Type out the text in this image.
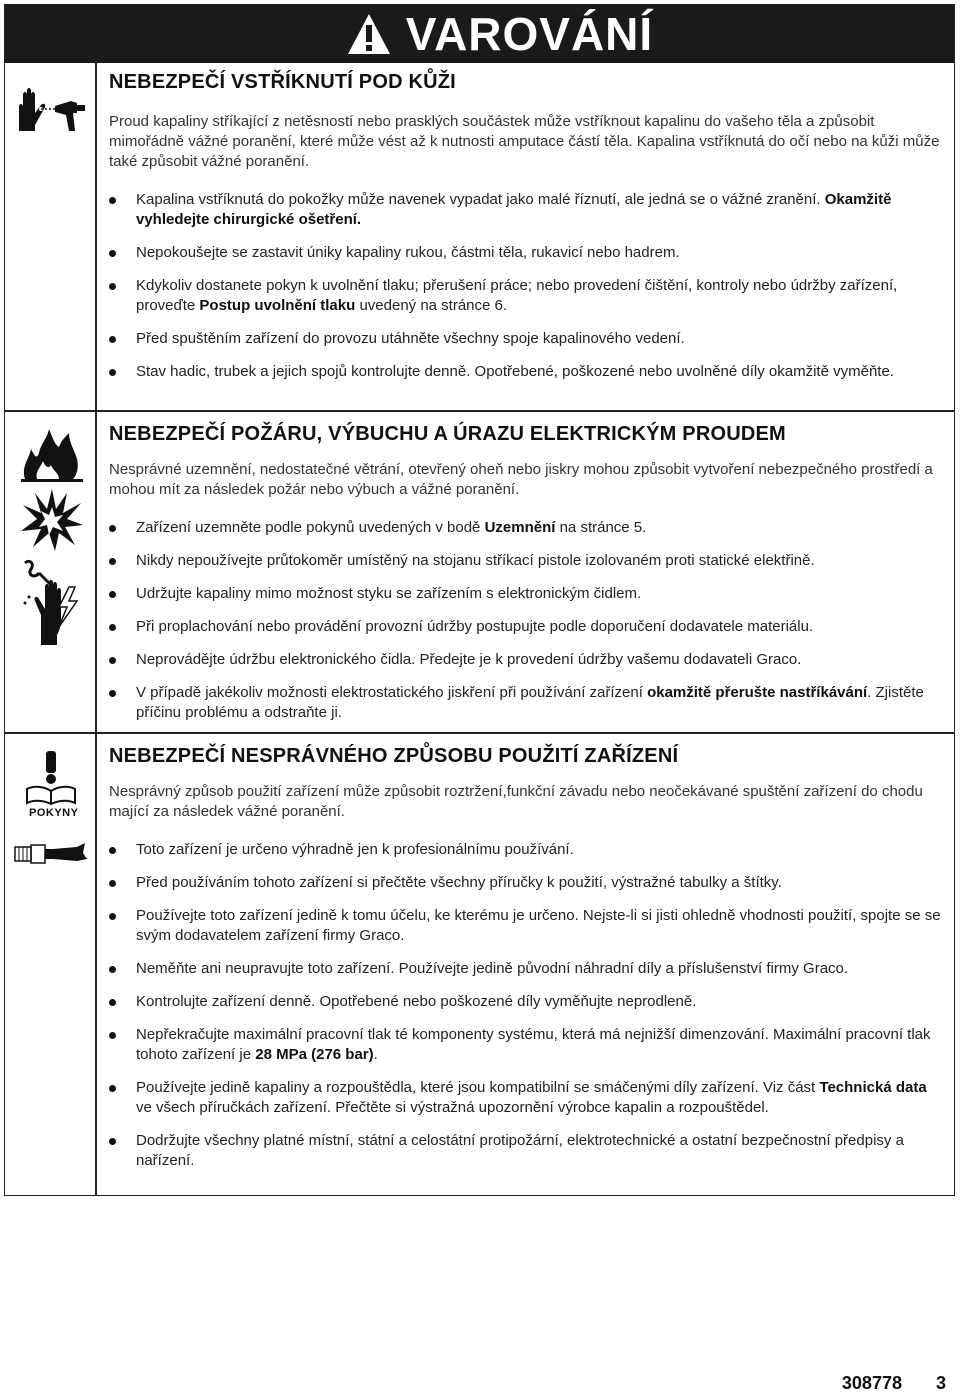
VAROVÁNÍ
POKYNY
NEBEZPEČÍ VSTŘÍKNUTÍ POD KŮŽI

Proud kapaliny stříkající z netěsností nebo prasklých součástek může vstříknout kapalinu do vašeho těla a způsobit mimořádně vážné poranění, které může vést až k nutnosti amputace částí těla. Kapalina vstříknutá do očí nebo na kůži může také způsobit vážné poranění.

Kapalina vstříknutá do pokožky může navenek vypadat jako malé říznutí, ale jedná se o vážné zranění. Okamžitě vyhledejte chirurgické ošetření.
Nepokoušejte se zastavit úniky kapaliny rukou, částmi těla, rukavicí nebo hadrem.
Kdykoliv dostanete pokyn k uvolnění tlaku; přerušení práce; nebo provedení čištění, kontroly nebo údržby zařízení, proveďte Postup uvolnění tlaku uvedený na stránce 6.
Před spuštěním zařízení do provozu utáhněte všechny spoje kapalinového vedení.
Stav hadic, trubek a jejich spojů kontrolujte denně. Opotřebené, poškozené nebo uvolněné díly okamžitě vyměňte.
NEBEZPEČÍ POŽÁRU, VÝBUCHU A ÚRAZU ELEKTRICKÝM PROUDEM

Nesprávné uzemnění, nedostatečné větrání, otevřený oheň nebo jiskry mohou způsobit vytvoření nebezpečného prostředí a mohou mít za následek požár nebo výbuch a vážné poranění.

Zařízení uzemněte podle pokynů uvedených v bodě Uzemnění na stránce 5.
Nikdy nepoužívejte průtokoměr umístěný na stojanu stříkací pistole izolovaném proti statické elektřině.
Udržujte kapaliny mimo možnost styku se zařízením s elektronickým čidlem.
Při proplachování nebo provádění provozní údržby postupujte podle doporučení dodavatele materiálu.
Neprovádějte údržbu elektronického čidla. Předejte je k provedení údržby vašemu dodavateli Graco.
V případě jakékoliv možnosti elektrostatického jiskření při používání zařízení okamžitě přerušte nastříkávání. Zjistěte příčinu problému a odstraňte ji.
NEBEZPEČÍ NESPRÁVNÉHO ZPŮSOBU POUŽITÍ ZAŘÍZENÍ

Nesprávný způsob použití zařízení může způsobit roztržení,funkční závadu nebo neočekávané spuštění zařízení do chodu mající za následek vážné poranění.

Toto zařízení je určeno výhradně jen k profesionálnímu používání.
Před používáním tohoto zařízení si přečtěte všechny příručky k použití, výstražné tabulky a štítky.
Používejte toto zařízení jedině k tomu účelu, ke kterému je určeno. Nejste-li si jisti ohledně vhodnosti použití, spojte se se svým dodavatelem zařízení firmy Graco.
Neměňte ani neupravujte toto zařízení. Používejte jedině původní náhradní díly a příslušenství firmy Graco.
Kontrolujte zařízení denně. Opotřebené nebo poškozené díly vyměňujte neprodleně.
Nepřekračujte maximální pracovní tlak té komponenty systému, která má nejnižší dimenzování. Maximální pracovní tlak tohoto zařízení je 28 MPa (276 bar).
Používejte jedině kapaliny a rozpouštědla, které jsou kompatibilní se smáčenými díly zařízení. Viz část Technická data ve všech příručkách zařízení. Přečtěte si výstražná upozornění výrobce kapalin a rozpouštědel.
Dodržujte všechny platné místní, státní a celostátní protipožární, elektrotechnické a ostatní bezpečnostní předpisy a nařízení.
308778 3
